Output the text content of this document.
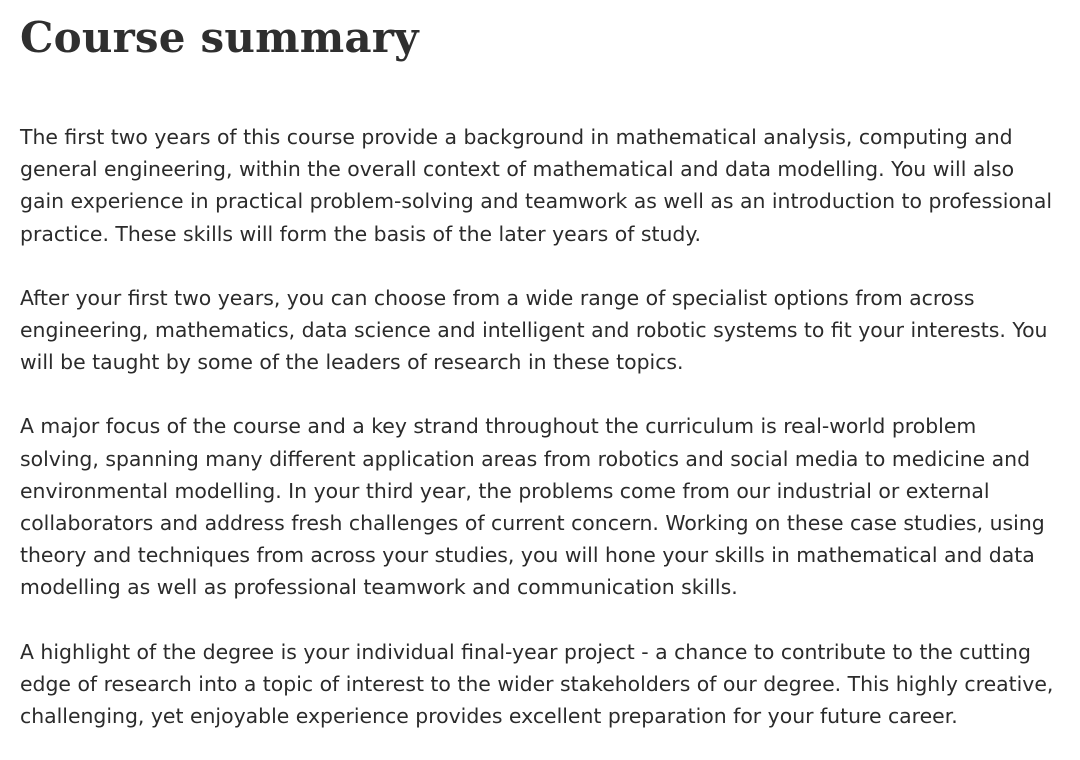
Course summary

The first two years of this course provide a background in mathematical analysis, computing and general engineering, within the overall context of mathematical and data modelling. You will also gain experience in practical problem-solving and teamwork as well as an introduction to professional practice. These skills will form the basis of the later years of study.

After your first two years, you can choose from a wide range of specialist options from across engineering, mathematics, data science and intelligent and robotic systems to fit your interests. You will be taught by some of the leaders of research in these topics.

A major focus of the course and a key strand throughout the curriculum is real-world problem solving, spanning many different application areas from robotics and social media to medicine and environmental modelling. In your third year, the problems come from our industrial or external collaborators and address fresh challenges of current concern. Working on these case studies, using theory and techniques from across your studies, you will hone your skills in mathematical and data modelling as well as professional teamwork and communication skills.

A highlight of the degree is your individual final-year project - a chance to contribute to the cutting edge of research into a topic of interest to the wider stakeholders of our degree. This highly creative, challenging, yet enjoyable experience provides excellent preparation for your future career.
